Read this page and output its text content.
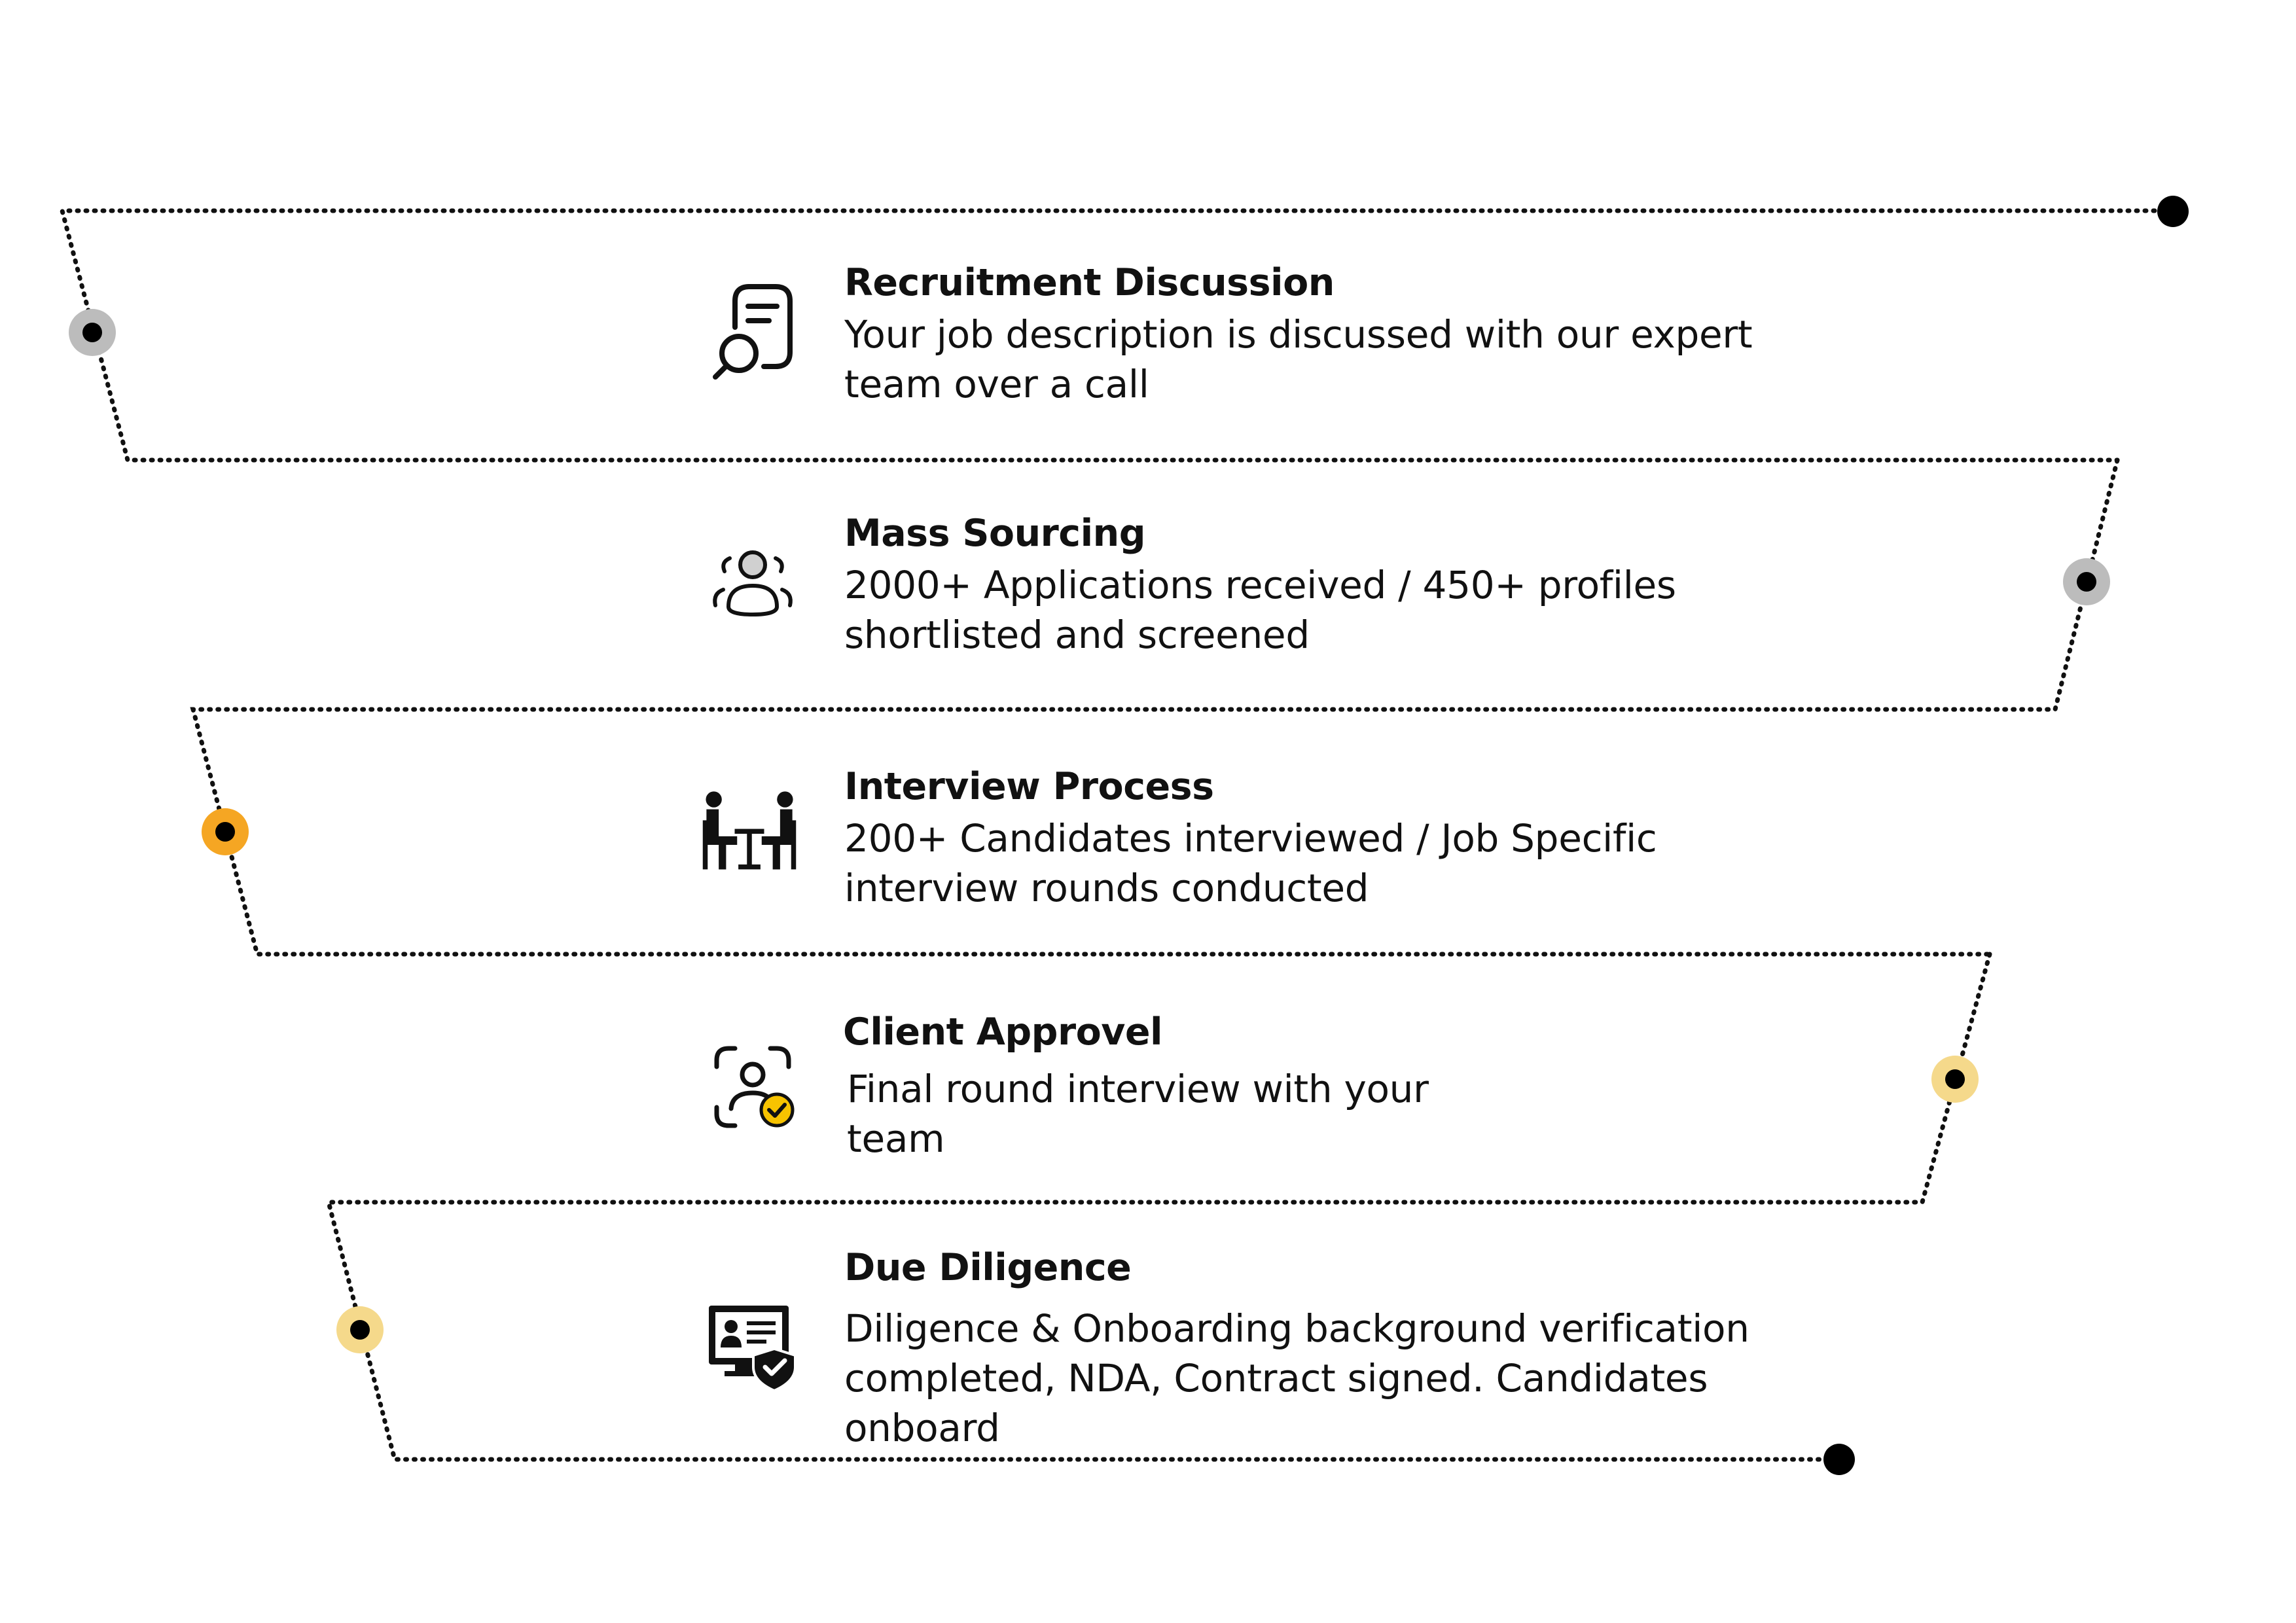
Recruitment Discussion
Your job description is discussed with our expert team over a call
Mass Sourcing
2000+ Applications received / 450+ profiles shortlisted and screened
Interview Process
200+ Candidates interviewed / Job Specific interview rounds conducted
Client Approvel
Final round interview with your team
Due Diligence
Diligence & Onboarding background verification completed, NDA, Contract signed. Candidates onboard
